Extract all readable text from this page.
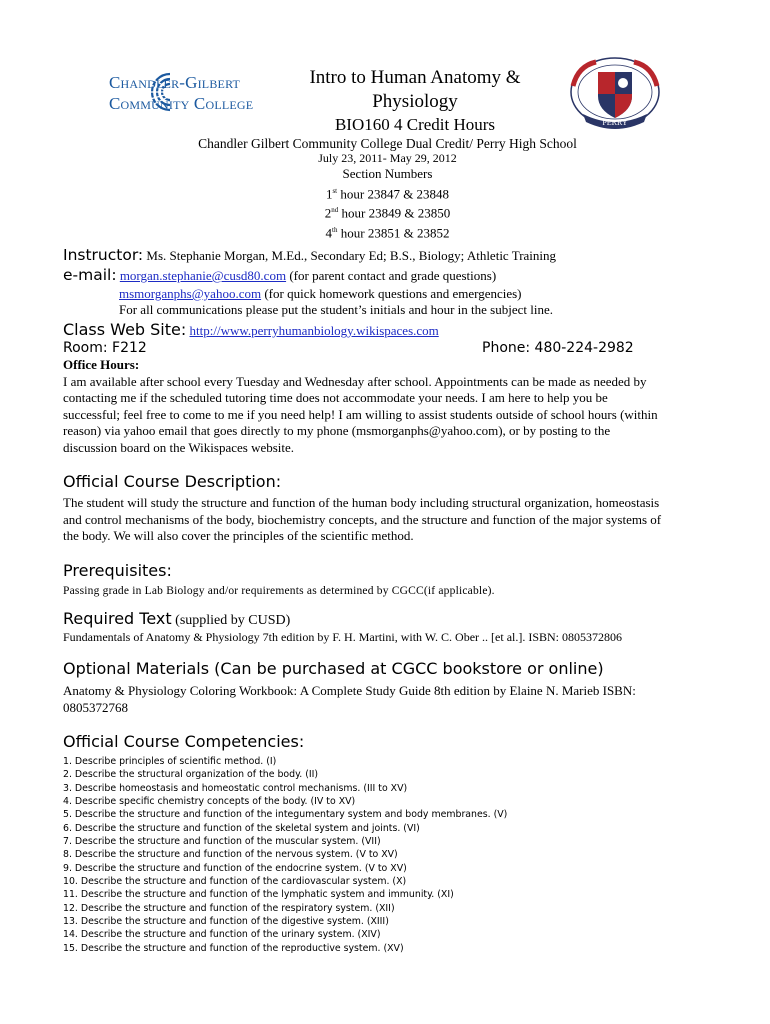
Chandler-Gilbert
Community College
Intro to Human Anatomy &
Physiology
BIO160 4 Credit Hours
Chandler Gilbert Community College Dual Credit/ Perry High School
July 23, 2011- May 29, 2012
Section Numbers
1st hour 23847 & 23848
2nd hour 23849 & 23850
4th hour 23851 & 23852
PERRY
Instructor: Ms. Stephanie Morgan, M.Ed., Secondary Ed; B.S., Biology; Athletic Training
e-mail: morgan.stephanie@cusd80.com (for parent contact and grade questions)
msmorganphs@yahoo.com (for quick homework questions and emergencies)
For all communications please put the student’s initials and hour in the subject line.
Class Web Site: http://www.perryhumanbiology.wikispaces.com
Room: F212	Phone: 480-224-2982
Office Hours:
I am available after school every Tuesday and Wednesday after school. Appointments can be made as needed by
contacting me if the scheduled tutoring time does not accommodate your needs. I am here to help you be
successful; feel free to come to me if you need help! I am willing to assist students outside of school hours (within
reason) via yahoo email that goes directly to my phone (msmorganphs@yahoo.com), or by posting to the
discussion board on the Wikispaces website.
Official Course Description:
The student will study the structure and function of the human body including structural organization, homeostasis
and control mechanisms of the body, biochemistry concepts, and the structure and function of the major systems of
the body. We will also cover the principles of the scientific method.
Prerequisites:
Passing grade in Lab Biology and/or requirements as determined by CGCC(if applicable).
Required Text (supplied by CUSD)
Fundamentals of Anatomy & Physiology 7th edition by F. H. Martini, with W. C. Ober .. [et al.]. ISBN: 0805372806
Optional Materials (Can be purchased at CGCC bookstore or online)
Anatomy & Physiology Coloring Workbook: A Complete Study Guide 8th edition by Elaine N. Marieb ISBN:
0805372768
Official Course Competencies:
1. Describe principles of scientific method. (I)
2. Describe the structural organization of the body. (II)
3. Describe homeostasis and homeostatic control mechanisms. (III to XV)
4. Describe specific chemistry concepts of the body. (IV to XV)
5. Describe the structure and function of the integumentary system and body membranes. (V)
6. Describe the structure and function of the skeletal system and joints. (VI)
7. Describe the structure and function of the muscular system. (VII)
8. Describe the structure and function of the nervous system. (V to XV)
9. Describe the structure and function of the endocrine system. (V to XV)
10. Describe the structure and function of the cardiovascular system. (X)
11. Describe the structure and function of the lymphatic system and immunity. (XI)
12. Describe the structure and function of the respiratory system. (XII)
13. Describe the structure and function of the digestive system. (XIII)
14. Describe the structure and function of the urinary system. (XIV)
15. Describe the structure and function of the reproductive system. (XV)
